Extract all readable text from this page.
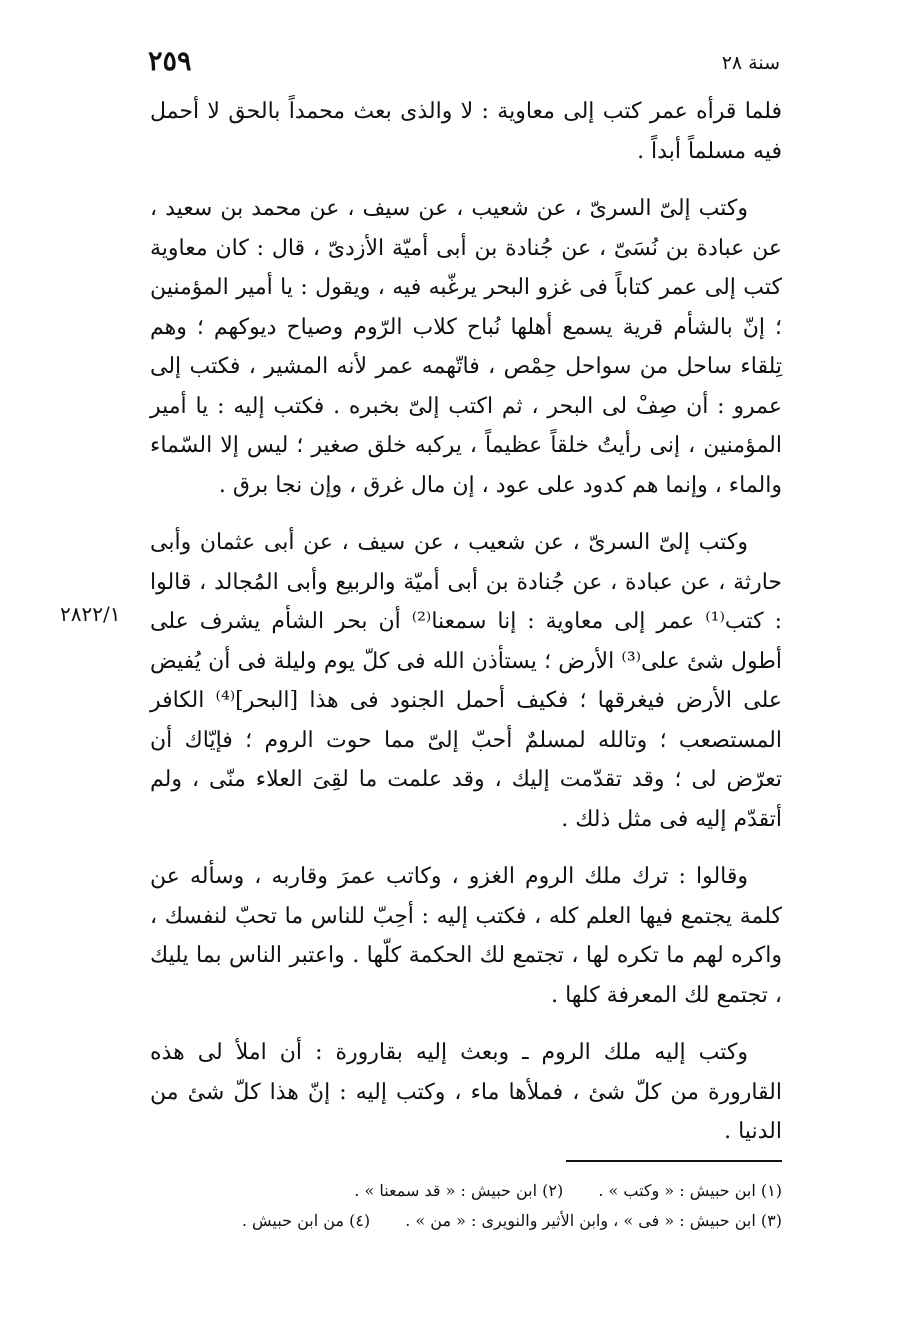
سنة ٢٨
٢٥٩

فلما قرأه عمر كتب إلى معاوية : لا والذى بعث محمداً بالحق لا أحمل فيه مسلماً أبداً .

وكتب إلىّ السرىّ ، عن شعيب ، عن سيف ، عن محمد بن سعيد ، عن عبادة بن نُسَىّ ، عن جُنادة بن أبى أميّة الأزدىّ ، قال : كان معاوية كتب إلى عمر كتاباً فى غزو البحر يرغّبه فيه ، ويقول : يا أمير المؤمنين ؛ إنّ بالشأم قرية يسمع أهلها نُباح كلاب الرّوم وصياح ديوكهم ؛ وهم تِلقاء ساحل من سواحل حِمْص ، فاتّهمه عمر لأنه المشير ، فكتب إلى عمرو : أن صِفْ لى البحر ، ثم اكتب إلىّ بخبره . فكتب إليه : يا أمير المؤمنين ، إنى رأيتُ خلقاً عظيماً ، يركبه خلق صغير ؛ ليس إلا السّماء والماء ، وإنما هم كدود على عود ، إن مال غرق ، وإن نجا برق .

وكتب إلىّ السرىّ ، عن شعيب ، عن سيف ، عن أبى عثمان وأبى حارثة ، عن عبادة ، عن جُنادة بن أبى أميّة والربيع وأبى المُجالد ، قالوا : كتب⁽¹⁾ عمر إلى معاوية : إنا سمعنا⁽²⁾ أن بحر الشأم يشرف على أطول شئ على⁽³⁾ الأرض ؛ يستأذن الله فى كلّ يوم وليلة فى أن يُفيض على الأرض فيغرقها ؛ فكيف أحمل الجنود فى هذا [البحر]⁽⁴⁾ الكافر المستصعب ؛ وتالله لمسلمٌ أحبّ إلىّ مما حوت الروم ؛ فإيّاك أن تعرّض لى ؛ وقد تقدّمت إليك ، وقد علمت ما لقِىَ العلاء منّى ، ولم أتقدّم إليه فى مثل ذلك .

وقالوا : ترك ملك الروم الغزو ، وكاتب عمرَ وقاربه ، وسأله عن كلمة يجتمع فيها العلم كله ، فكتب إليه : أحِبّ للناس ما تحبّ لنفسك ، واكره لهم ما تكره لها ، تجتمع لك الحكمة كلّها . واعتبر الناس بما يليك ، تجتمع لك المعرفة كلها .

وكتب إليه ملك الروم ـ وبعث إليه بقارورة : أن املأ لى هذه القارورة من كلّ شئ ، فملأها ماء ، وكتب إليه : إنّ هذا كلّ شئ من الدنيا .

٢٨٢٢/١
(١) ابن حبيش : « وكتب » . (٢) ابن حبيش : « قد سمعنا » .
(٣) ابن حبيش : « فى » ، وابن الأثير والنويرى : « من » . (٤) من ابن حبيش .
